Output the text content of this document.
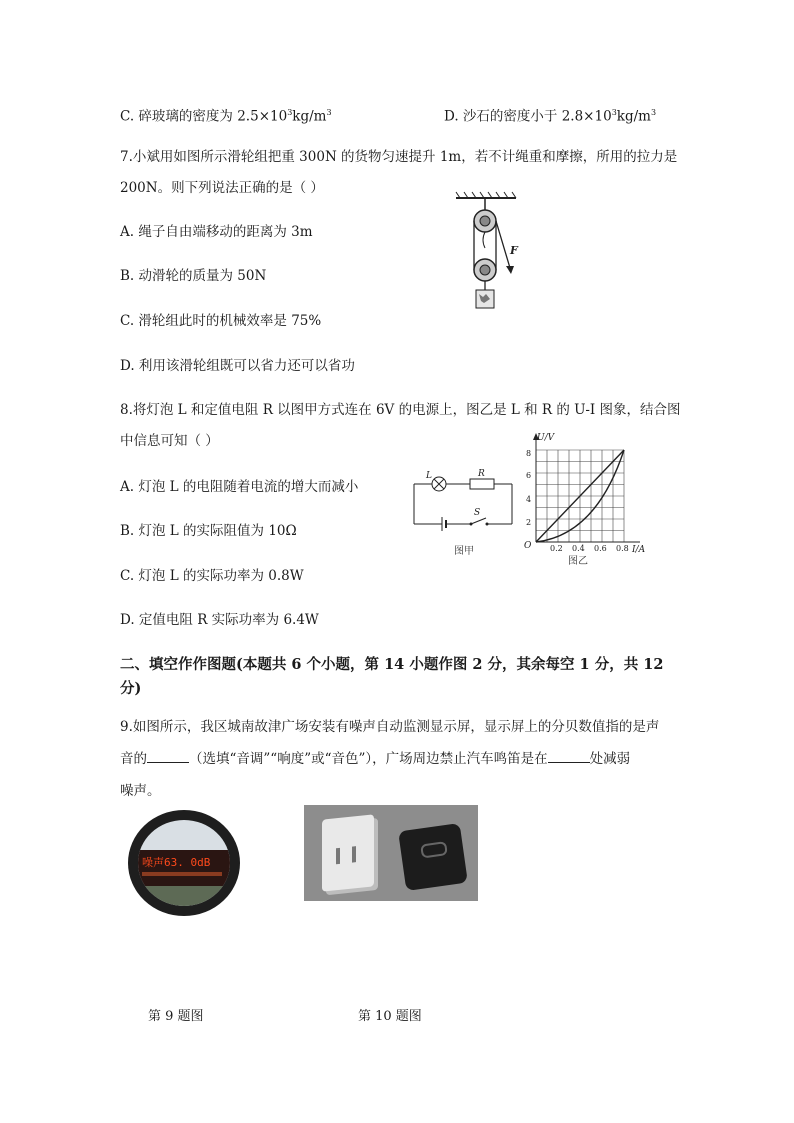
C. 碎玻璃的密度为 $2.5\times 10^3kg/m^3$	D. 沙石的密度小于 $2.8\times 10^3kg/m^3$
7.小斌用如图所示滑轮组把重 300N 的货物匀速提升 1m，若不计绳重和摩擦，所用的拉力是
200N。则下列说法正确的是（ ）
A. 绳子自由端移动的距离为 3m
B. 动滑轮的质量为 50N
C. 滑轮组此时的机械效率是 75%
D. 利用该滑轮组既可以省力还可以省功
F
8.将灯泡 L 和定值电阻 R 以图甲方式连在 6V 的电源上，图乙是 L 和 R 的 U-I 图象，结合图
中信息可知（ ）
A. 灯泡 L 的电阻随着电流的增大而减小
B. 灯泡 L 的实际阻值为 10Ω
C. 灯泡 L 的实际功率为 0.8W
D. 定值电阻 R 实际功率为 6.4W
L	R
S
图甲
U/V
I/A
O
8
6
4
2
0.2 0.4 0.6 0.8
图乙
二、填空作作图题(本题共 6 个小题，第 14 小题作图 2 分，其余每空 1 分，共 12
分)
9.如图所示，我区城南故津广场安装有噪声自动监测显示屏，显示屏上的分贝数值指的是声
音的	（选填“音调”“响度”或“音色”），广场周边禁止汽车鸣笛是在	处减弱
噪声。
噪声63. 0dB
第 9 题图	第 10 题图
